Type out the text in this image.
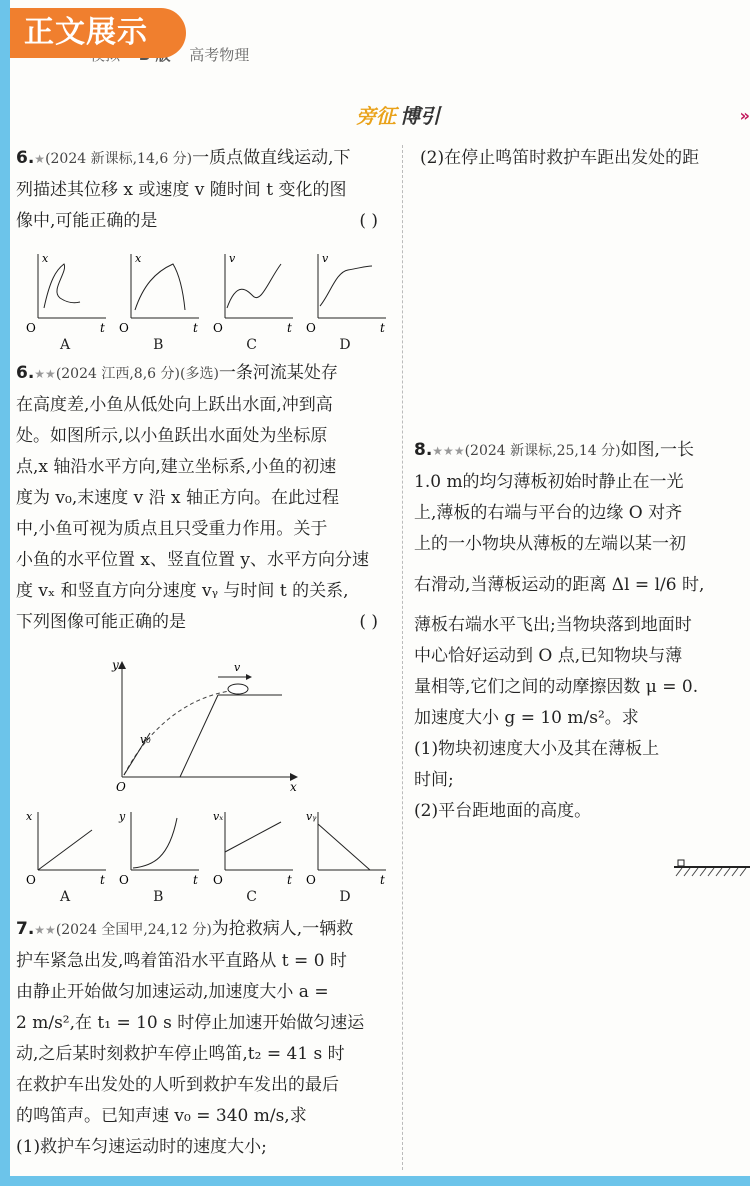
正文展示
高考物理
旁征 博引	»

6.★(2024 新课标,14,6 分)一质点做直线运动,下

列描述其位移 x 或速度 v 随时间 t 变化的图

像中,可能正确的是	( )

x
O	t
A
x
O	t
B
v
O	t
C
v
O	t
D

6.★★(2024 江西,8,6 分)(多选)一条河流某处存

在高度差,小鱼从低处向上跃出水面,冲到高

处。如图所示,以小鱼跃出水面处为坐标原

点,x 轴沿水平方向,建立坐标系,小鱼的初速

度为 v₀,末速度 v 沿 x 轴正方向。在此过程

中,小鱼可视为质点且只受重力作用。关于

小鱼的水平位置 x、竖直位置 y、水平方向分速

度 vₓ 和竖直方向分速度 vᵧ 与时间 t 的关系,

下列图像可能正确的是	( )

y
x
O
v₀
v
x
O	t
A
y
O	t
B
vₓ
O	t
C
vᵧ
O	t
D

7.★★(2024 全国甲,24,12 分)为抢救病人,一辆救

护车紧急出发,鸣着笛沿水平直路从 t = 0 时

由静止开始做匀加速运动,加速度大小 a =

2 m/s²,在 t₁ = 10 s 时停止加速开始做匀速运

动,之后某时刻救护车停止鸣笛,t₂ = 41 s 时

在救护车出发处的人听到救护车发出的最后

的鸣笛声。已知声速 v₀ = 340 m/s,求

(1)救护车匀速运动时的速度大小;

(2)在停止鸣笛时救护车距出发处的距

8.★★★(2024 新课标,25,14 分)如图,一长

1.0 m的均匀薄板初始时静止在一光

上,薄板的右端与平台的边缘 O 对齐

上的一小物块从薄板的左端以某一初

右滑动,当薄板运动的距离 Δl = l/6 时,

薄板右端水平飞出;当物块落到地面时

中心恰好运动到 O 点,已知物块与薄

量相等,它们之间的动摩擦因数 μ = 0.

加速度大小 g = 10 m/s²。求

(1)物块初速度大小及其在薄板上

时间;

(2)平台距地面的高度。
